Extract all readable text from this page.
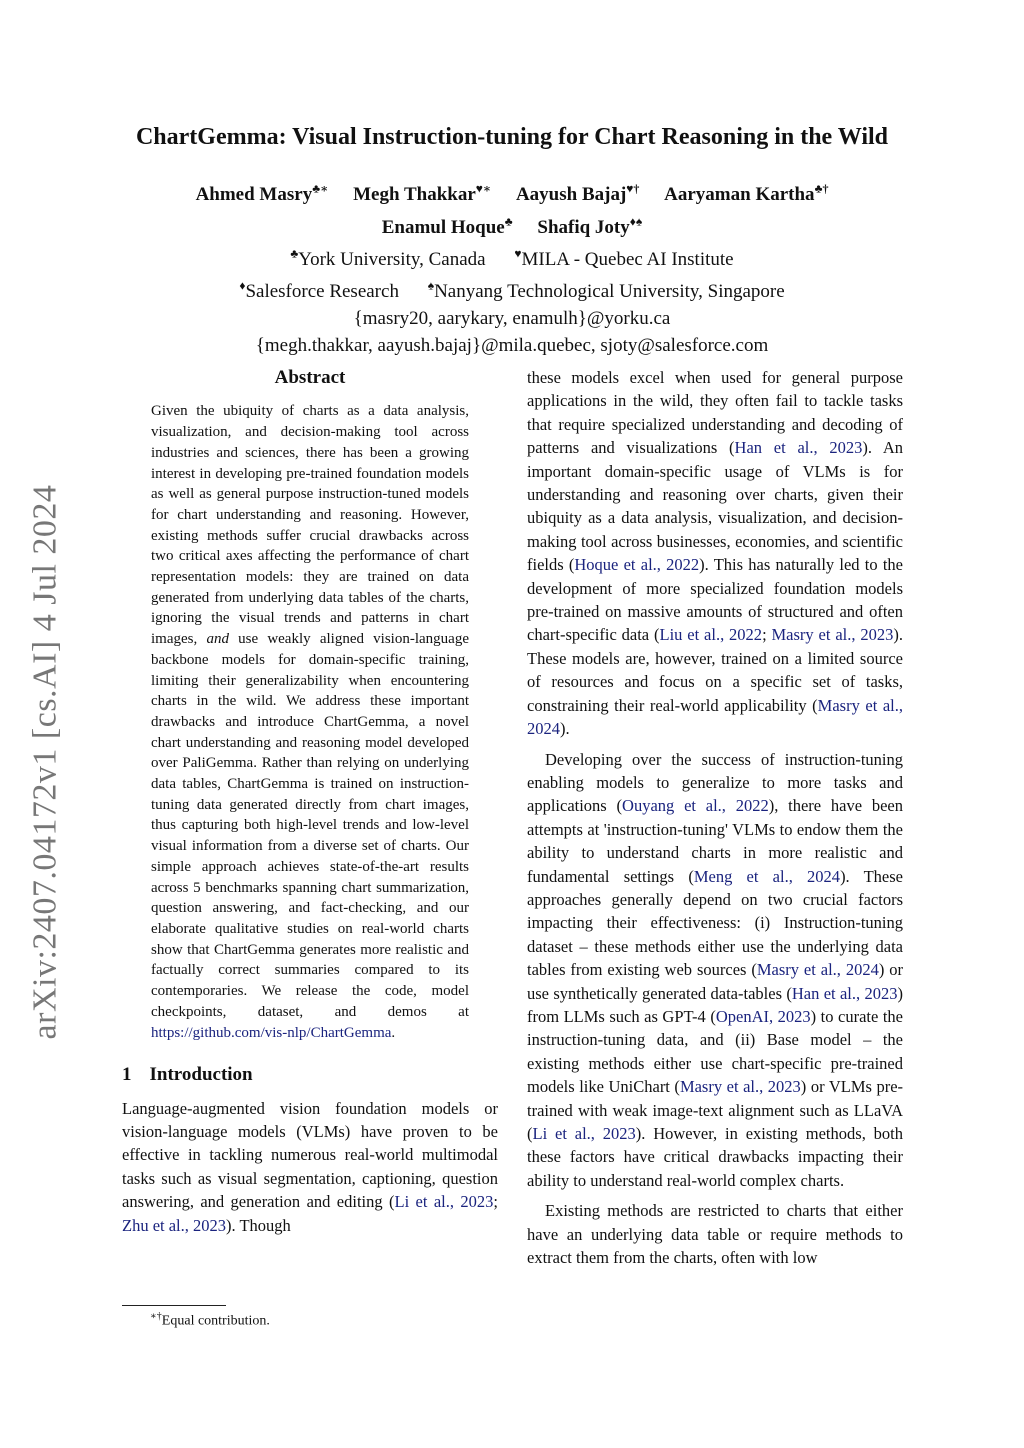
arXiv:2407.04172v1 [cs.AI] 4 Jul 2024
ChartGemma: Visual Instruction-tuning for Chart Reasoning in the Wild
Ahmed Masry♣∗ Megh Thakkar♥∗ Aayush Bajaj♥† Aaryaman Kartha♣†
Enamul Hoque♣ Shafiq Joty♦♠
♣York University, Canada ♥MILA - Quebec AI Institute
♦Salesforce Research ♠Nanyang Technological University, Singapore
{masry20, aarykary, enamulh}@yorku.ca
{megh.thakkar, aayush.bajaj}@mila.quebec, sjoty@salesforce.com
Abstract

Given the ubiquity of charts as a data analysis, visualization, and decision-making tool across industries and sciences, there has been a growing interest in developing pre-trained foundation models as well as general purpose instruction-tuned models for chart understanding and reasoning. However, existing methods suffer crucial drawbacks across two critical axes affecting the performance of chart representation models: they are trained on data generated from underlying data tables of the charts, ignoring the visual trends and patterns in chart images, and use weakly aligned vision-language backbone models for domain-specific training, limiting their generalizability when encountering charts in the wild. We address these important drawbacks and introduce ChartGemma, a novel chart understanding and reasoning model developed over PaliGemma. Rather than relying on underlying data tables, ChartGemma is trained on instruction-tuning data generated directly from chart images, thus capturing both high-level trends and low-level visual information from a diverse set of charts. Our simple approach achieves state-of-the-art results across 5 benchmarks spanning chart summarization, question answering, and fact-checking, and our elaborate qualitative studies on real-world charts show that ChartGemma generates more realistic and factually correct summaries compared to its contemporaries. We release the code, model checkpoints, dataset, and demos at https://github.com/vis-nlp/ChartGemma.

1 Introduction

Language-augmented vision foundation models or vision-language models (VLMs) have proven to be effective in tackling numerous real-world multimodal tasks such as visual segmentation, captioning, question answering, and generation and editing (Li et al., 2023; Zhu et al., 2023). Though

these models excel when used for general purpose applications in the wild, they often fail to tackle tasks that require specialized understanding and decoding of patterns and visualizations (Han et al., 2023). An important domain-specific usage of VLMs is for understanding and reasoning over charts, given their ubiquity as a data analysis, visualization, and decision-making tool across businesses, economies, and scientific fields (Hoque et al., 2022). This has naturally led to the development of more specialized foundation models pre-trained on massive amounts of structured and often chart-specific data (Liu et al., 2022; Masry et al., 2023). These models are, however, trained on a limited source of resources and focus on a specific set of tasks, constraining their real-world applicability (Masry et al., 2024).

Developing over the success of instruction-tuning enabling models to generalize to more tasks and applications (Ouyang et al., 2022), there have been attempts at 'instruction-tuning' VLMs to endow them the ability to understand charts in more realistic and fundamental settings (Meng et al., 2024). These approaches generally depend on two crucial factors impacting their effectiveness: (i) Instruction-tuning dataset – these methods either use the underlying data tables from existing web sources (Masry et al., 2024) or use synthetically generated data-tables (Han et al., 2023) from LLMs such as GPT-4 (OpenAI, 2023) to curate the instruction-tuning data, and (ii) Base model – the existing methods either use chart-specific pre-trained models like UniChart (Masry et al., 2023) or VLMs pre-trained with weak image-text alignment such as LLaVA (Li et al., 2023). However, in existing methods, both these factors have critical drawbacks impacting their ability to understand real-world complex charts.

Existing methods are restricted to charts that either have an underlying data table or require methods to extract them from the charts, often with low

∗†Equal contribution.
